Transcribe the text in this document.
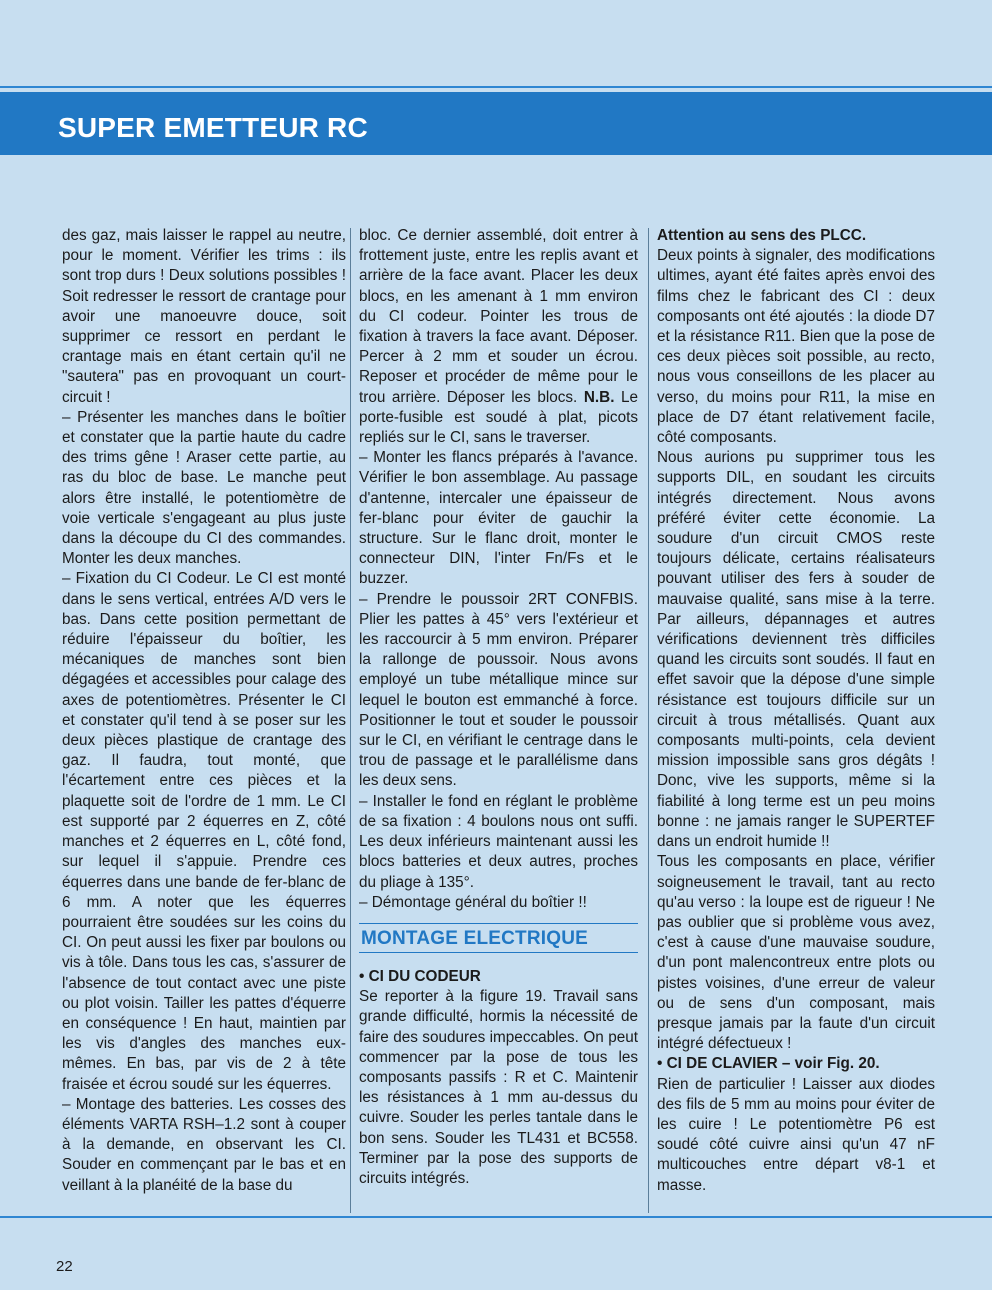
SUPER EMETTEUR RC

des gaz, mais laisser le rappel au neutre, pour le moment. Vérifier les trims : ils sont trop durs ! Deux solutions possibles ! Soit redresser le ressort de crantage pour avoir une manoeuvre douce, soit supprimer ce ressort en perdant le crantage mais en étant certain qu'il ne "sautera" pas en provoquant un court-circuit !

– Présenter les manches dans le boîtier et constater que la partie haute du cadre des trims gêne ! Araser cette partie, au ras du bloc de base. Le manche peut alors être installé, le potentiomètre de voie verticale s'engageant au plus juste dans la découpe du CI des commandes. Monter les deux manches.

– Fixation du CI Codeur. Le CI est monté dans le sens vertical, entrées A/D vers le bas. Dans cette position permettant de réduire l'épaisseur du boîtier, les mécaniques de manches sont bien dégagées et accessibles pour calage des axes de potentiomètres. Présenter le CI et constater qu'il tend à se poser sur les deux pièces plastique de crantage des gaz. Il faudra, tout monté, que l'écartement entre ces pièces et la plaquette soit de l'ordre de 1 mm. Le CI est supporté par 2 équerres en Z, côté manches et 2 équerres en L, côté fond, sur lequel il s'appuie. Prendre ces équerres dans une bande de fer-blanc de 6 mm. A noter que les équerres pourraient être soudées sur les coins du CI. On peut aussi les fixer par boulons ou vis à tôle. Dans tous les cas, s'assurer de l'absence de tout contact avec une piste ou plot voisin. Tailler les pattes d'équerre en conséquence ! En haut, maintien par les vis d'angles des manches eux-mêmes. En bas, par vis de 2 à tête fraisée et écrou soudé sur les équerres.

– Montage des batteries. Les cosses des éléments VARTA RSH–1.2 sont à couper à la demande, en observant les CI. Souder en commençant par le bas et en veillant à la planéité de la base du

bloc. Ce dernier assemblé, doit entrer à frottement juste, entre les replis avant et arrière de la face avant. Placer les deux blocs, en les amenant à 1 mm environ du CI codeur. Pointer les trous de fixation à travers la face avant. Déposer. Percer à 2 mm et souder un écrou. Reposer et procéder de même pour le trou arrière. Déposer les blocs. N.B. Le porte-fusible est soudé à plat, picots repliés sur le CI, sans le traverser.

– Monter les flancs préparés à l'avance. Vérifier le bon assemblage. Au passage d'antenne, intercaler une épaisseur de fer-blanc pour éviter de gauchir la structure. Sur le flanc droit, monter le connecteur DIN, l'inter Fn/Fs et le buzzer.

– Prendre le poussoir 2RT CONFBIS. Plier les pattes à 45° vers l'extérieur et les raccourcir à 5 mm environ. Préparer la rallonge de poussoir. Nous avons employé un tube métallique mince sur lequel le bouton est emmanché à force. Positionner le tout et souder le poussoir sur le CI, en vérifiant le centrage dans le trou de passage et le parallélisme dans les deux sens.

– Installer le fond en réglant le problème de sa fixation : 4 boulons nous ont suffi. Les deux inférieurs maintenant aussi les blocs batteries et deux autres, proches du pliage à 135°.

– Démontage général du boîtier !!

MONTAGE ELECTRIQUE

• CI DU CODEUR

Se reporter à la figure 19. Travail sans grande difficulté, hormis la nécessité de faire des soudures impeccables. On peut commencer par la pose de tous les composants passifs : R et C. Maintenir les résistances à 1 mm au-dessus du cuivre. Souder les perles tantale dans le bon sens. Souder les TL431 et BC558. Terminer par la pose des supports de circuits intégrés.

Attention au sens des PLCC.

Deux points à signaler, des modifications ultimes, ayant été faites après envoi des films chez le fabricant des CI : deux composants ont été ajoutés : la diode D7 et la résistance R11. Bien que la pose de ces deux pièces soit possible, au recto, nous vous conseillons de les placer au verso, du moins pour R11, la mise en place de D7 étant relativement facile, côté composants.

Nous aurions pu supprimer tous les supports DIL, en soudant les circuits intégrés directement. Nous avons préféré éviter cette économie. La soudure d'un circuit CMOS reste toujours délicate, certains réalisateurs pouvant utiliser des fers à souder de mauvaise qualité, sans mise à la terre. Par ailleurs, dépannages et autres vérifications deviennent très difficiles quand les circuits sont soudés. Il faut en effet savoir que la dépose d'une simple résistance est toujours difficile sur un circuit à trous métallisés. Quant aux composants multi-points, cela devient mission impossible sans gros dégâts ! Donc, vive les supports, même si la fiabilité à long terme est un peu moins bonne : ne jamais ranger le SUPERTEF dans un endroit humide !!

Tous les composants en place, vérifier soigneusement le travail, tant au recto qu'au verso : la loupe est de rigueur ! Ne pas oublier que si problème vous avez, c'est à cause d'une mauvaise soudure, d'un pont malencontreux entre plots ou pistes voisines, d'une erreur de valeur ou de sens d'un composant, mais presque jamais par la faute d'un circuit intégré défectueux !

• CI DE CLAVIER – voir Fig. 20.

Rien de particulier ! Laisser aux diodes des fils de 5 mm au moins pour éviter de les cuire ! Le potentiomètre P6 est soudé côté cuivre ainsi qu'un 47 nF multicouches entre départ v8-1 et masse.

22
